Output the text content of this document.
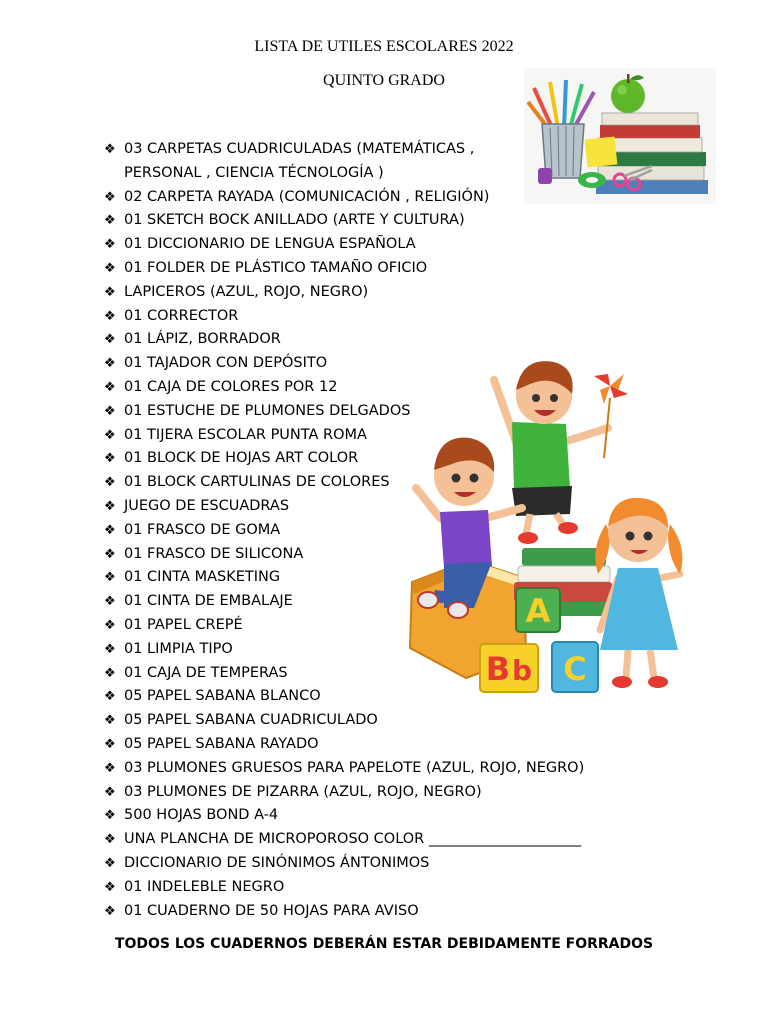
LISTA DE UTILES ESCOLARES 2022
QUINTO GRADO
❖ 03 CARPETAS CUADRICULADAS (MATEMÁTICAS ,
PERSONAL , CIENCIA TÉCNOLOGÍA )
❖ 02 CARPETA RAYADA (COMUNICACIÓN , RELIGIÓN)
❖ 01 SKETCH BOCK ANILLADO (ARTE Y CULTURA)
❖ 01 DICCIONARIO DE LENGUA ESPAÑOLA
❖ 01 FOLDER DE PLÁSTICO TAMAÑO OFICIO
❖ LAPICEROS (AZUL, ROJO, NEGRO)
❖ 01 CORRECTOR
❖ 01 LÁPIZ, BORRADOR
❖ 01 TAJADOR CON DEPÓSITO
❖ 01 CAJA DE COLORES POR 12
❖ 01 ESTUCHE DE PLUMONES DELGADOS
❖ 01 TIJERA ESCOLAR PUNTA ROMA
❖ 01 BLOCK DE HOJAS ART COLOR
❖ 01 BLOCK CARTULINAS DE COLORES
❖ JUEGO DE ESCUADRAS
❖ 01 FRASCO DE GOMA
❖ 01 FRASCO DE SILICONA
❖ 01 CINTA MASKETING
❖ 01 CINTA DE EMBALAJE
❖ 01 PAPEL CREPÉ
❖ 01 LIMPIA TIPO
❖ 01 CAJA DE TEMPERAS
❖ 05 PAPEL SABANA BLANCO
❖ 05 PAPEL SABANA CUADRICULADO
❖ 05 PAPEL SABANA RAYADO
❖ 03 PLUMONES GRUESOS PARA PAPELOTE (AZUL, ROJO, NEGRO)
❖ 03 PLUMONES DE PIZARRA (AZUL, ROJO, NEGRO)
❖ 500 HOJAS BOND A-4
❖ UNA PLANCHA DE MICROPOROSO COLOR _____________________
❖ DICCIONARIO DE SINÓNIMOS ÁNTONIMOS
❖ 01 INDELEBLE NEGRO
❖ 01 CUADERNO DE 50 HOJAS PARA AVISO
TODOS LOS CUADERNOS DEBERÁN ESTAR DEBIDAMENTE FORRADOS
A
B b C
